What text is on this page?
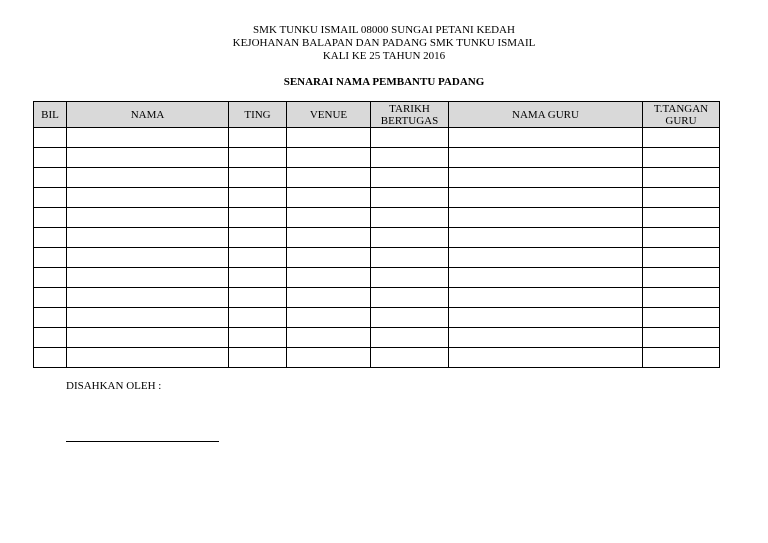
SMK TUNKU ISMAIL 08000 SUNGAI PETANI KEDAH
KEJOHANAN BALAPAN DAN PADANG SMK TUNKU ISMAIL
KALI KE 25 TAHUN 2016
SENARAI NAMA PEMBANTU PADANG
BIL	NAMA	TING	VENUE	TARIKH BERTUGAS	NAMA GURU	T.TANGAN GURU

DISAHKAN OLEH :
